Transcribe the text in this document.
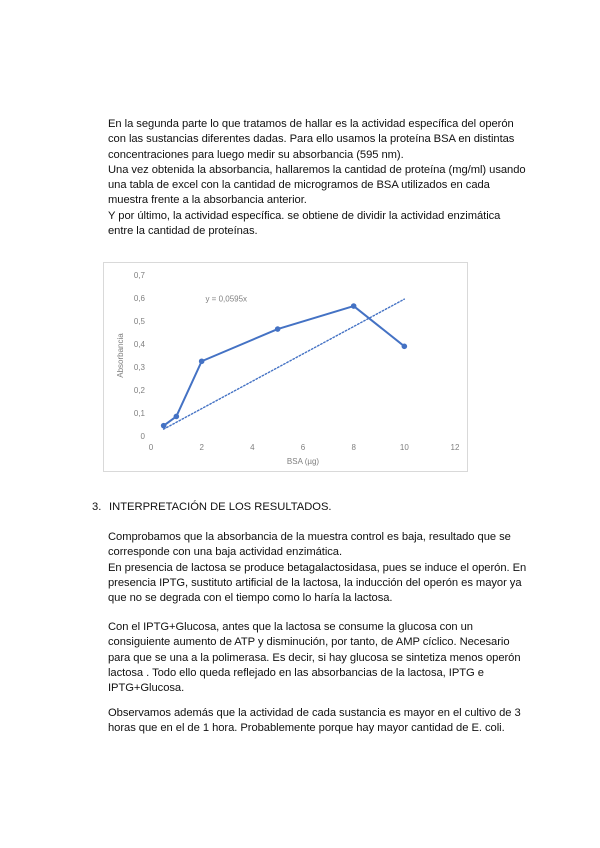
En la segunda parte lo que tratamos de hallar es la actividad específica del operón

con las sustancias diferentes dadas. Para ello usamos la proteína BSA en distintas

concentraciones para luego medir su absorbancia (595 nm).

Una vez obtenida la absorbancia, hallaremos la cantidad de proteína (mg/ml) usando

una tabla de excel con la cantidad de microgramos de BSA utilizados en cada

muestra frente a la absorbancia anterior.

Y por último, la actividad específica. se obtiene de dividir la actividad enzimática

entre la cantidad de proteínas.

0
0,1
0,2
0,3
0,4
0,5
0,6
0,7
0	2	4	6	8	10	12
BSA (µg)
Absorbancia
y = 0,0595x
3. INTERPRETACIÓN DE LOS RESULTADOS.

Comprobamos que la absorbancia de la muestra control es baja, resultado que se

corresponde con una baja actividad enzimática.

En presencia de lactosa se produce betagalactosidasa, pues se induce el operón. En

presencia IPTG, sustituto artificial de la lactosa, la inducción del operón es mayor ya

que no se degrada con el tiempo como lo haría la lactosa.

Con el IPTG+Glucosa, antes que la lactosa se consume la glucosa con un

consiguiente aumento de ATP y disminución, por tanto, de AMP cíclico. Necesario

para que se una a la polimerasa. Es decir, si hay glucosa se sintetiza menos operón

lactosa . Todo ello queda reflejado en las absorbancias de la lactosa, IPTG e

IPTG+Glucosa.

Observamos además que la actividad de cada sustancia es mayor en el cultivo de 3

horas que en el de 1 hora. Probablemente porque hay mayor cantidad de E. coli.
